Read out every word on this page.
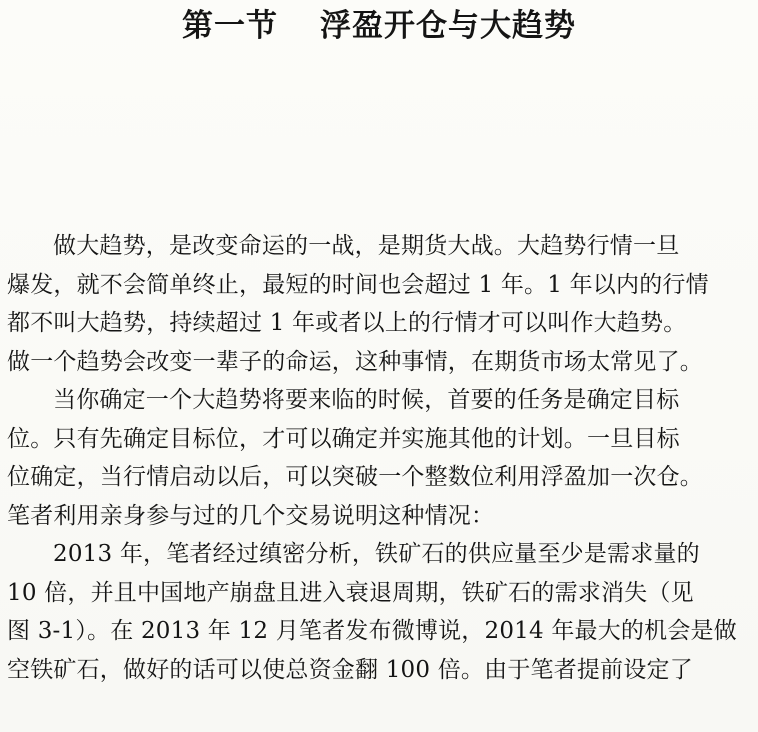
第一节 浮盈开仓与大趋势
做大趋势，是改变命运的一战，是期货大战。大趋势行情一旦
爆发，就不会简单终止，最短的时间也会超过 1 年。1 年以内的行情
都不叫大趋势，持续超过 1 年或者以上的行情才可以叫作大趋势。
做一个趋势会改变一辈子的命运，这种事情，在期货市场太常见了。
当你确定一个大趋势将要来临的时候，首要的任务是确定目标
位。只有先确定目标位，才可以确定并实施其他的计划。一旦目标
位确定，当行情启动以后，可以突破一个整数位利用浮盈加一次仓。
笔者利用亲身参与过的几个交易说明这种情况：
2013 年，笔者经过缜密分析，铁矿石的供应量至少是需求量的
10 倍，并且中国地产崩盘且进入衰退周期，铁矿石的需求消失（见
图 3-1）。在 2013 年 12 月笔者发布微博说，2014 年最大的机会是做
空铁矿石，做好的话可以使总资金翻 100 倍。由于笔者提前设定了
